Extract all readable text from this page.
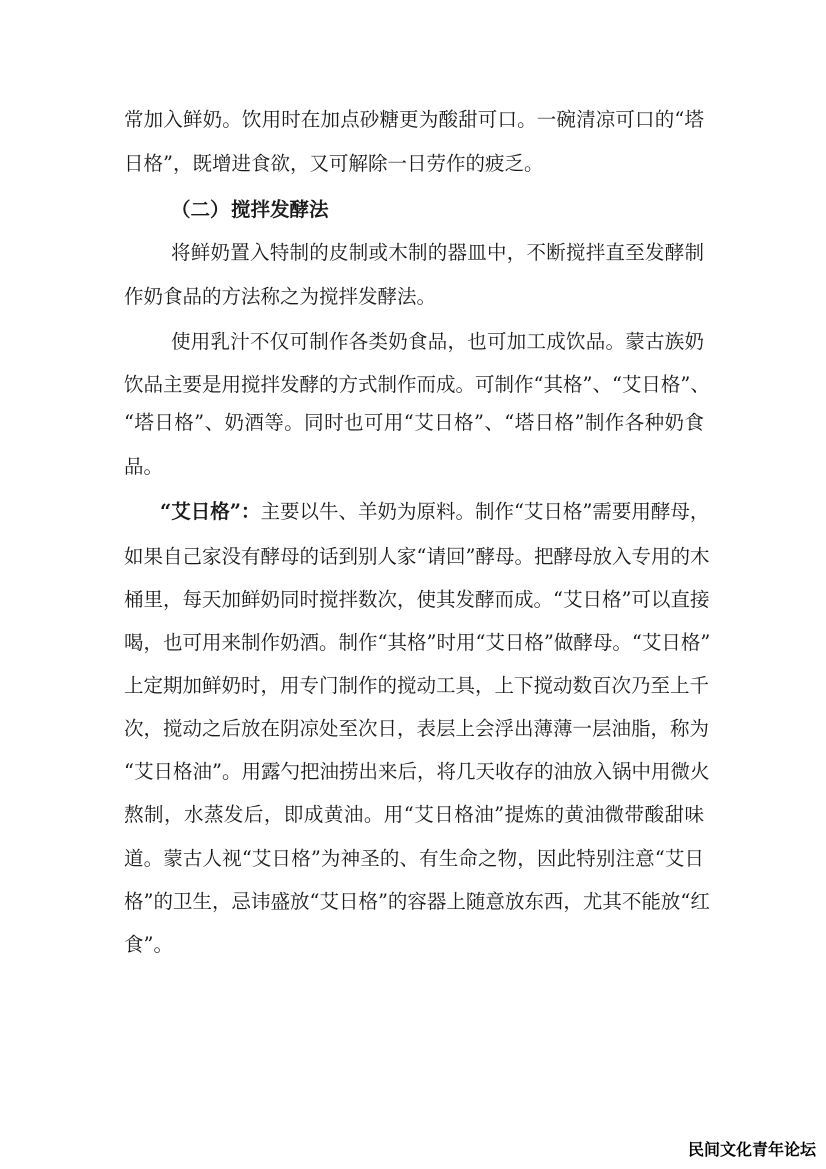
常加入鲜奶。饮用时在加点砂糖更为酸甜可口。一碗清凉可口的“塔
日格”，既增进食欲，又可解除一日劳作的疲乏。
（二）搅拌发酵法
将鲜奶置入特制的皮制或木制的器皿中，不断搅拌直至发酵制
作奶食品的方法称之为搅拌发酵法。
使用乳汁不仅可制作各类奶食品，也可加工成饮品。蒙古族奶
饮品主要是用搅拌发酵的方式制作而成。可制作“其格”、“艾日格”、
“塔日格”、奶酒等。同时也可用“艾日格”、“塔日格”制作各种奶食
品。
“艾日格”：主要以牛、羊奶为原料。制作“艾日格”需要用酵母，
如果自己家没有酵母的话到别人家“请回”酵母。把酵母放入专用的木
桶里，每天加鲜奶同时搅拌数次，使其发酵而成。“艾日格”可以直接
喝，也可用来制作奶酒。制作“其格”时用“艾日格”做酵母。“艾日格”
上定期加鲜奶时，用专门制作的搅动工具，上下搅动数百次乃至上千
次，搅动之后放在阴凉处至次日，表层上会浮出薄薄一层油脂，称为
“艾日格油”。用露勺把油捞出来后，将几天收存的油放入锅中用微火
熬制，水蒸发后，即成黄油。用“艾日格油”提炼的黄油微带酸甜味
道。蒙古人视“艾日格”为神圣的、有生命之物，因此特别注意“艾日
格”的卫生，忌讳盛放“艾日格”的容器上随意放东西，尤其不能放“红
食”。
民间文化青年论坛
